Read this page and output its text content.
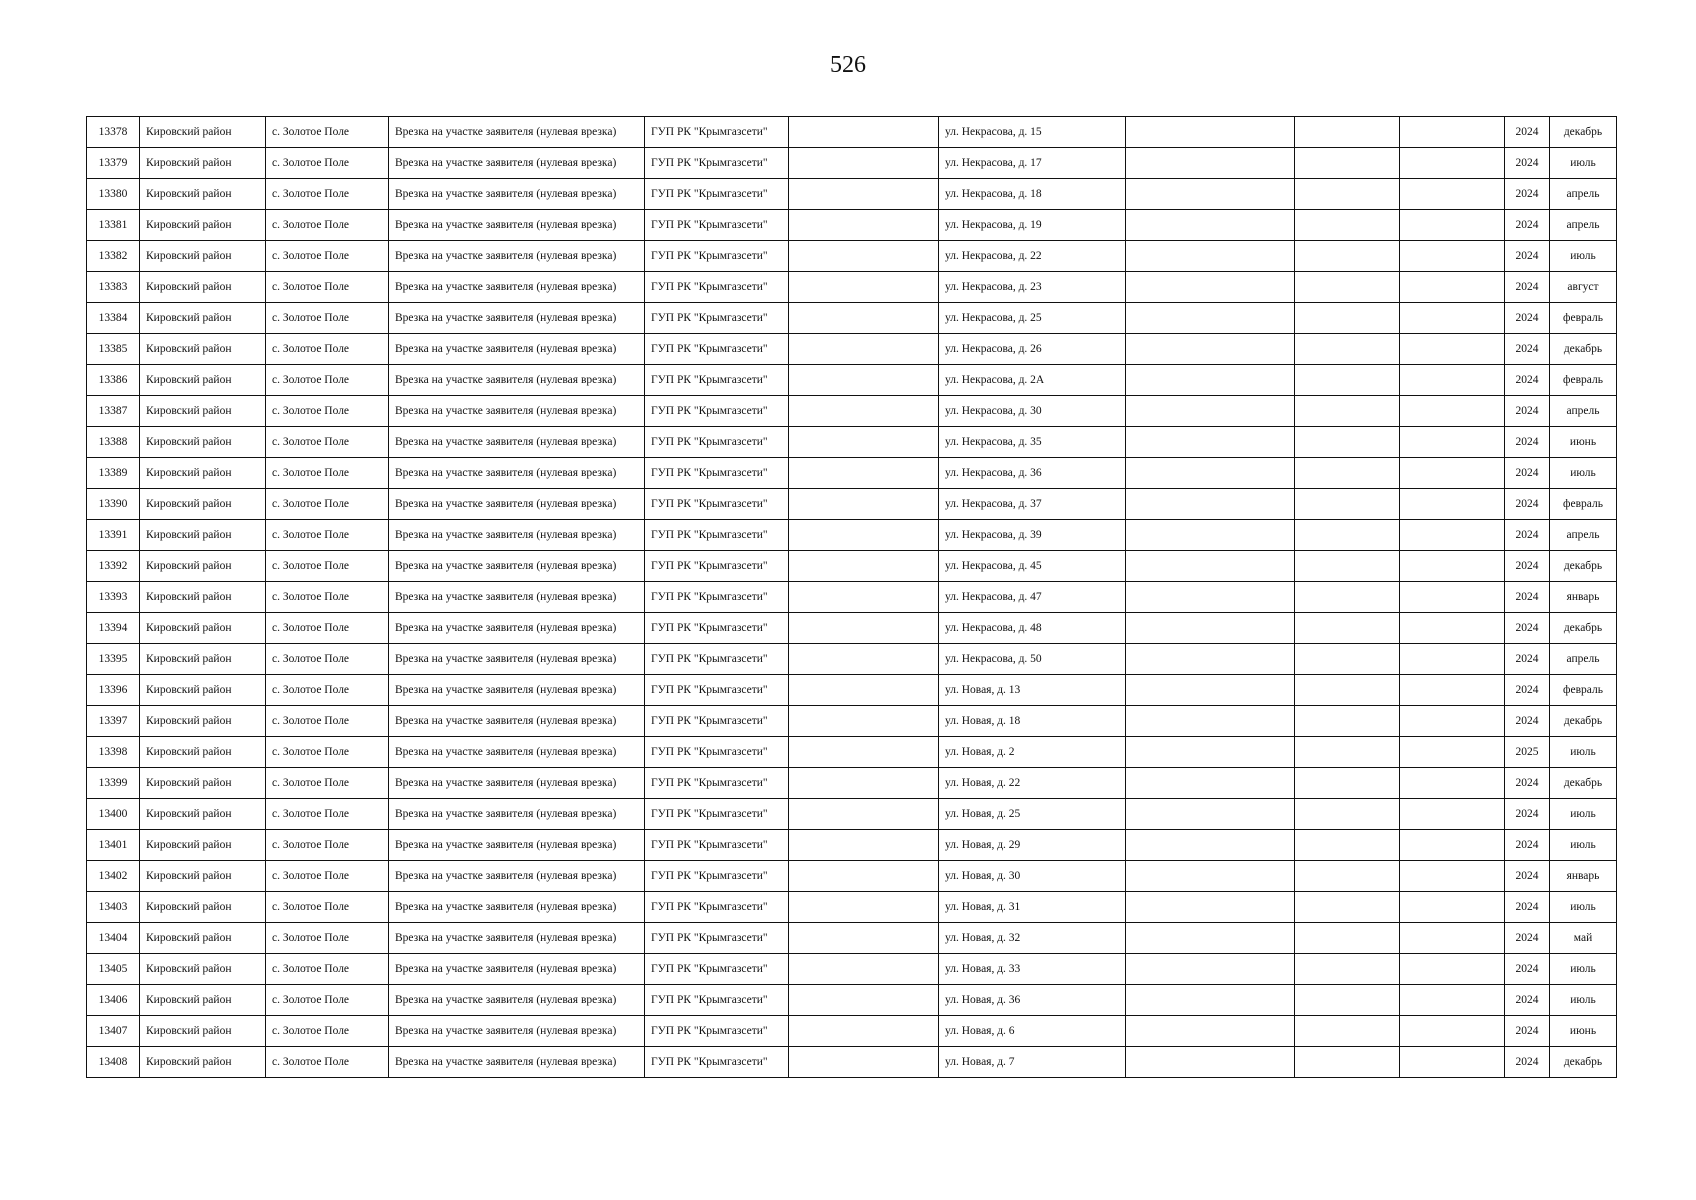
526
13378	Кировский район	с. Золотое Поле	Врезка на участке заявителя (нулевая врезка)	ГУП РК "Крымгазсети"		ул. Некрасова, д. 15				2024	декабрь
13379	Кировский район	с. Золотое Поле	Врезка на участке заявителя (нулевая врезка)	ГУП РК "Крымгазсети"		ул. Некрасова, д. 17				2024	июль
13380	Кировский район	с. Золотое Поле	Врезка на участке заявителя (нулевая врезка)	ГУП РК "Крымгазсети"		ул. Некрасова, д. 18				2024	апрель
13381	Кировский район	с. Золотое Поле	Врезка на участке заявителя (нулевая врезка)	ГУП РК "Крымгазсети"		ул. Некрасова, д. 19				2024	апрель
13382	Кировский район	с. Золотое Поле	Врезка на участке заявителя (нулевая врезка)	ГУП РК "Крымгазсети"		ул. Некрасова, д. 22				2024	июль
13383	Кировский район	с. Золотое Поле	Врезка на участке заявителя (нулевая врезка)	ГУП РК "Крымгазсети"		ул. Некрасова, д. 23				2024	август
13384	Кировский район	с. Золотое Поле	Врезка на участке заявителя (нулевая врезка)	ГУП РК "Крымгазсети"		ул. Некрасова, д. 25				2024	февраль
13385	Кировский район	с. Золотое Поле	Врезка на участке заявителя (нулевая врезка)	ГУП РК "Крымгазсети"		ул. Некрасова, д. 26				2024	декабрь
13386	Кировский район	с. Золотое Поле	Врезка на участке заявителя (нулевая врезка)	ГУП РК "Крымгазсети"		ул. Некрасова, д. 2А				2024	февраль
13387	Кировский район	с. Золотое Поле	Врезка на участке заявителя (нулевая врезка)	ГУП РК "Крымгазсети"		ул. Некрасова, д. 30				2024	апрель
13388	Кировский район	с. Золотое Поле	Врезка на участке заявителя (нулевая врезка)	ГУП РК "Крымгазсети"		ул. Некрасова, д. 35				2024	июнь
13389	Кировский район	с. Золотое Поле	Врезка на участке заявителя (нулевая врезка)	ГУП РК "Крымгазсети"		ул. Некрасова, д. 36				2024	июль
13390	Кировский район	с. Золотое Поле	Врезка на участке заявителя (нулевая врезка)	ГУП РК "Крымгазсети"		ул. Некрасова, д. 37				2024	февраль
13391	Кировский район	с. Золотое Поле	Врезка на участке заявителя (нулевая врезка)	ГУП РК "Крымгазсети"		ул. Некрасова, д. 39				2024	апрель
13392	Кировский район	с. Золотое Поле	Врезка на участке заявителя (нулевая врезка)	ГУП РК "Крымгазсети"		ул. Некрасова, д. 45				2024	декабрь
13393	Кировский район	с. Золотое Поле	Врезка на участке заявителя (нулевая врезка)	ГУП РК "Крымгазсети"		ул. Некрасова, д. 47				2024	январь
13394	Кировский район	с. Золотое Поле	Врезка на участке заявителя (нулевая врезка)	ГУП РК "Крымгазсети"		ул. Некрасова, д. 48				2024	декабрь
13395	Кировский район	с. Золотое Поле	Врезка на участке заявителя (нулевая врезка)	ГУП РК "Крымгазсети"		ул. Некрасова, д. 50				2024	апрель
13396	Кировский район	с. Золотое Поле	Врезка на участке заявителя (нулевая врезка)	ГУП РК "Крымгазсети"		ул. Новая, д. 13				2024	февраль
13397	Кировский район	с. Золотое Поле	Врезка на участке заявителя (нулевая врезка)	ГУП РК "Крымгазсети"		ул. Новая, д. 18				2024	декабрь
13398	Кировский район	с. Золотое Поле	Врезка на участке заявителя (нулевая врезка)	ГУП РК "Крымгазсети"		ул. Новая, д. 2				2025	июль
13399	Кировский район	с. Золотое Поле	Врезка на участке заявителя (нулевая врезка)	ГУП РК "Крымгазсети"		ул. Новая, д. 22				2024	декабрь
13400	Кировский район	с. Золотое Поле	Врезка на участке заявителя (нулевая врезка)	ГУП РК "Крымгазсети"		ул. Новая, д. 25				2024	июль
13401	Кировский район	с. Золотое Поле	Врезка на участке заявителя (нулевая врезка)	ГУП РК "Крымгазсети"		ул. Новая, д. 29				2024	июль
13402	Кировский район	с. Золотое Поле	Врезка на участке заявителя (нулевая врезка)	ГУП РК "Крымгазсети"		ул. Новая, д. 30				2024	январь
13403	Кировский район	с. Золотое Поле	Врезка на участке заявителя (нулевая врезка)	ГУП РК "Крымгазсети"		ул. Новая, д. 31				2024	июль
13404	Кировский район	с. Золотое Поле	Врезка на участке заявителя (нулевая врезка)	ГУП РК "Крымгазсети"		ул. Новая, д. 32				2024	май
13405	Кировский район	с. Золотое Поле	Врезка на участке заявителя (нулевая врезка)	ГУП РК "Крымгазсети"		ул. Новая, д. 33				2024	июль
13406	Кировский район	с. Золотое Поле	Врезка на участке заявителя (нулевая врезка)	ГУП РК "Крымгазсети"		ул. Новая, д. 36				2024	июль
13407	Кировский район	с. Золотое Поле	Врезка на участке заявителя (нулевая врезка)	ГУП РК "Крымгазсети"		ул. Новая, д. 6				2024	июнь
13408	Кировский район	с. Золотое Поле	Врезка на участке заявителя (нулевая врезка)	ГУП РК "Крымгазсети"		ул. Новая, д. 7				2024	декабрь
